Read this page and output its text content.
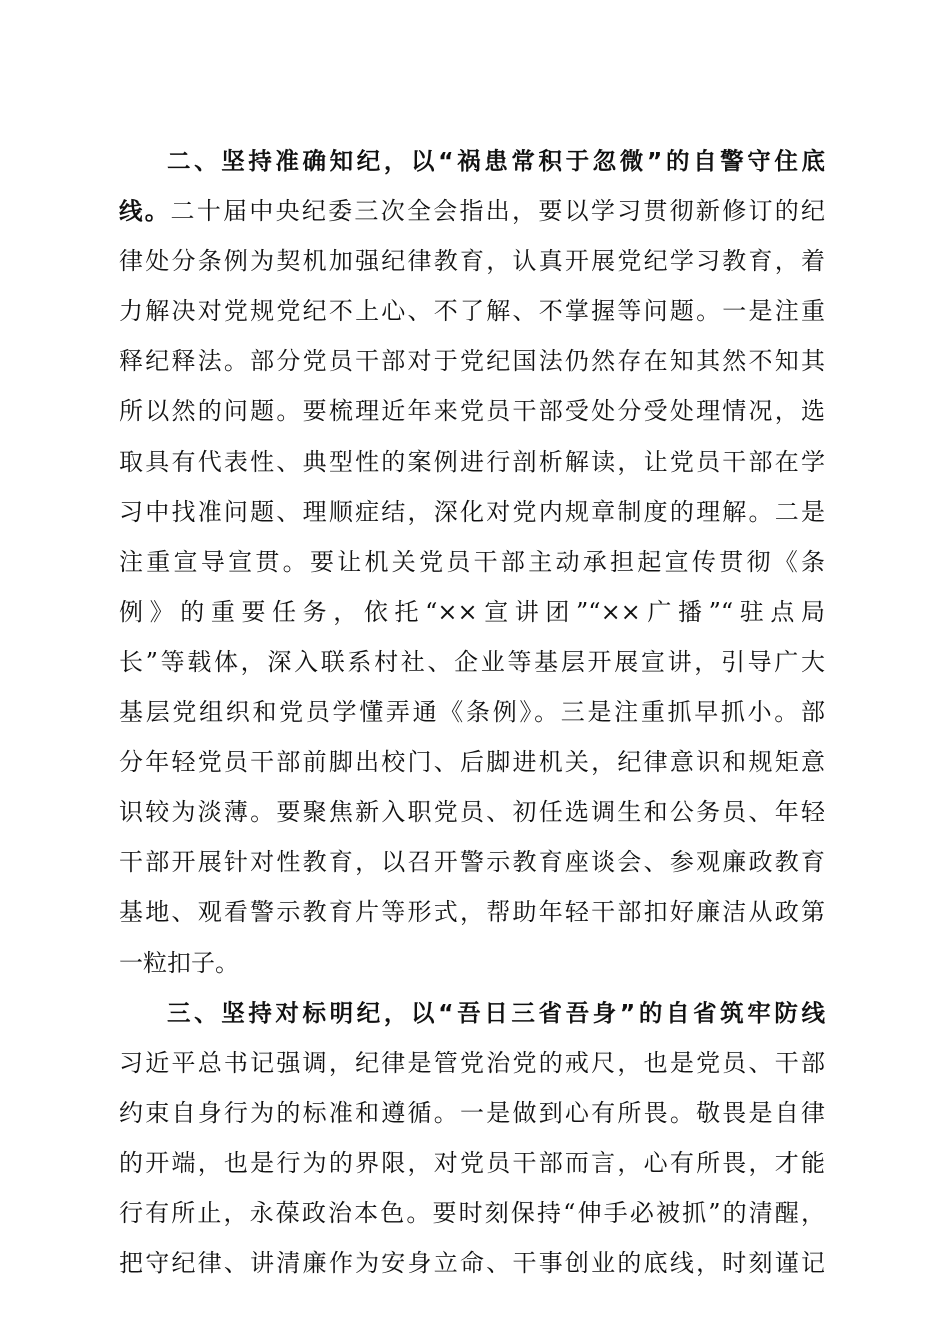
二、坚持准确知纪，以“祸患常积于忽微”的自警守住底
线。二十届中央纪委三次全会指出，要以学习贯彻新修订的纪
律处分条例为契机加强纪律教育，认真开展党纪学习教育，着
力解决对党规党纪不上心、不了解、不掌握等问题。一是注重
释纪释法。部分党员干部对于党纪国法仍然存在知其然不知其
所以然的问题。要梳理近年来党员干部受处分受处理情况，选
取具有代表性、典型性的案例进行剖析解读，让党员干部在学
习中找准问题、理顺症结，深化对党内规章制度的理解。二是
注重宣导宣贯。要让机关党员干部主动承担起宣传贯彻《条
例》的重要任务，依托“××宣讲团”“××广播”“驻点局
长”等载体，深入联系村社、企业等基层开展宣讲，引导广大
基层党组织和党员学懂弄通《条例》。三是注重抓早抓小。部
分年轻党员干部前脚出校门、后脚进机关，纪律意识和规矩意
识较为淡薄。要聚焦新入职党员、初任选调生和公务员、年轻
干部开展针对性教育，以召开警示教育座谈会、参观廉政教育
基地、观看警示教育片等形式，帮助年轻干部扣好廉洁从政第
一粒扣子。
三、坚持对标明纪，以“吾日三省吾身”的自省筑牢防线
习近平总书记强调，纪律是管党治党的戒尺，也是党员、干部
约束自身行为的标准和遵循。一是做到心有所畏。敬畏是自律
的开端，也是行为的界限，对党员干部而言，心有所畏，才能
行有所止，永葆政治本色。要时刻保持“伸手必被抓”的清醒，
把守纪律、讲清廉作为安身立命、干事创业的底线，时刻谨记
